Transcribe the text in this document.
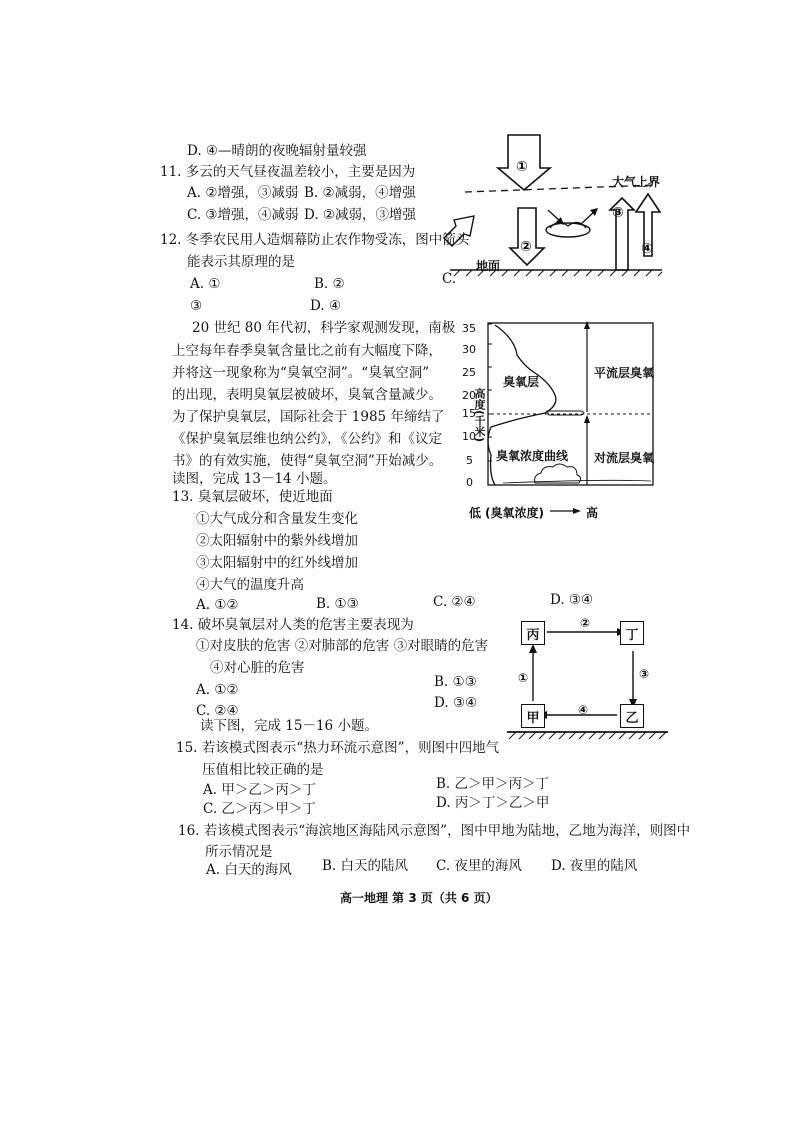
D. ④—晴朗的夜晚辐射量较强
11. 多云的天气昼夜温差较小，主要是因为
A. ②增强，③减弱 B. ②减弱，④增强
C. ③增强，④减弱 D. ②减弱，③增强
12. 冬季农民用人造烟幕防止农作物受冻，图中箭头
能表示其原理的是
A. ①	B. ②	C.
③	D. ④
20 世纪 80 年代初，科学家观测发现，南极
上空每年春季臭氧含量比之前有大幅度下降，
并将这一现象称为“臭氧空洞”。“臭氧空洞”
的出现，表明臭氧层被破坏，臭氧含量减少。
为了保护臭氧层，国际社会于 1985 年缔结了
《保护臭氧层维也纳公约》，《公约》和《议定
书》的有效实施，使得“臭氧空洞”开始减少。
读图，完成 13－14 小题。
13. 臭氧层破坏，使近地面
①大气成分和含量发生变化
②太阳辐射中的紫外线增加
③太阳辐射中的红外线增加
④大气的温度升高
A. ①②	B. ①③	C. ②④	D. ③④
14. 破坏臭氧层对人类的危害主要表现为
①对皮肤的危害 ②对肺部的危害 ③对眼睛的危害
④对心脏的危害
A. ①②	B. ①③
C. ②④	D. ③④
读下图，完成 15－16 小题。
15. 若该模式图表示“热力环流示意图”，则图中四地气
压值相比较正确的是
A. 甲＞乙＞丙＞丁	B. 乙＞甲＞丙＞丁
C. 乙＞丙＞甲＞丁	D. 丙＞丁＞乙＞甲
16. 若该模式图表示“海滨地区海陆风示意图”，图中甲地为陆地，乙地为海洋，则图中
所示情况是
A. 白天的海风 B. 白天的陆风 C. 夜里的海风 D. 夜里的陆风
高一地理 第 3 页（共 6 页）
①
②
③
④
大气上界
地面
35
30
25
20
15
10
5
0
高度(千米)
臭氧层
臭氧浓度曲线
平流层臭氧
对流层臭氧
低 (臭氧浓度)	高
丙	丁
甲	乙
②
③
④
①
